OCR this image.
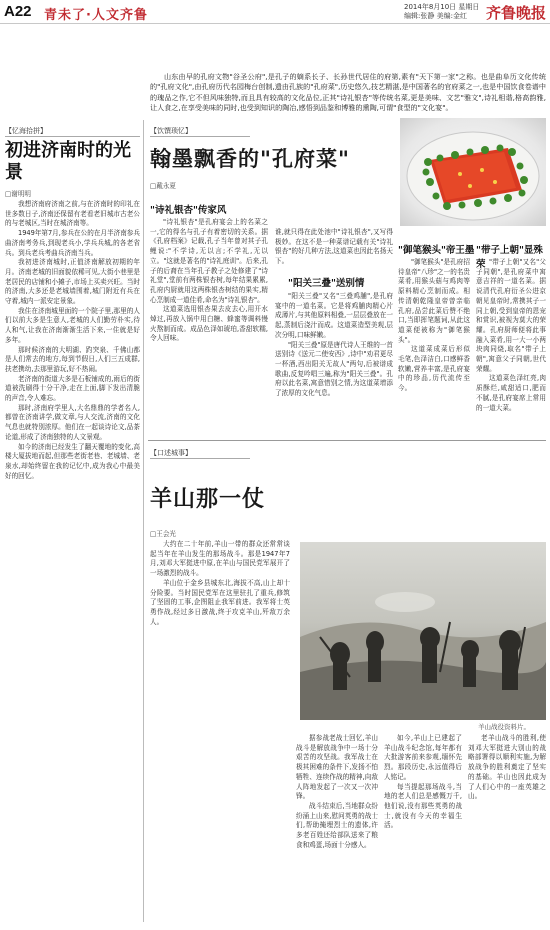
A22 青未了·人文齐鲁
2014年8月10日 星期日
编辑:张静 美编:金红	齐鲁晚报
山东由早的孔府文物"谷圣公府",是孔子的嫡系长子、长孙世代居住的府第,素有"天下第一家"之称。也是曲阜历文化传统的"孔府文化",由孔府历代名园梅台创制,遗由孔族的"孔府菜",历史悠久,技艺精湛,是中国著名的官府菜之一,也是中国饮食卷谱中的瑰品之作,它不但风味独特,而且具有较高的文化品位,正其"诗礼银杏"等传统名菜,更是美味、文艺"雅文",诗礼相谐,格高韵雅,让人食之,在享受美味的同时,也受到知识的陶冶,感悟到品鉴和博雅的熏陶,可谓"食型的"文化宴"。
【忆海拾拼】
初进济南时的光景
□谢明明

我想济南府济南之前,与在济南时的印礼在世多数日子,济南还保留有老看老旧城市古老公的与老城区,当时在城济南等。

1949年第7月,参兵在公的在月半济南参兵曲济南考务兵,到现老兵小,学兵兵城,的各老省兵。到兵老兵考曲兵济南当兵。

我初进济南城时,正值济南解放初期的年月。济南老城的旧面貌依稀可见,大街小巷里是老居民的店铺和小摊子,市场上买卖兴旺。当时的济南,大多还是老城墙围着,城门附近有兵在守着,城内一派安定景象。

我住在济南城里面的一个院子里,那里的人们以前大多是生意人,老城的人们勤劳朴实,待人和气,让我在济南渐渐生活下来,一住就是好多年。

那时候济南的大明湖、趵突泉、千佛山都是人们常去的地方,每到节假日,人们三五成群,扶老携幼,去那里游玩,好不热闹。

老济南的街道大多是石板铺成的,雨后的街道被洗刷得十分干净,走在上面,脚下发出清脆的声音,令人难忘。

那时,济南府学里人,大名鼎鼎的学者名人,都曾在济南讲学,做文章,与人交流,济南的文化气息也就特别浓厚。他们在一起谈诗论文,品茶论道,形成了济南独特的人文景观。

如今的济南已经发生了翻天覆地的变化,高楼大厦拔地而起,但那些老街老巷、老城墙、老泉水,却始终留在我的记忆中,成为我心中最美好的回忆。

【饮馔琐忆】
翰墨飘香的"孔府菜"
□戴永夏
"诗礼银杏"传家风

"诗礼银杏"是孔府宴会上的名菜之一,它的得名与孔子有着密切的关系。据《孔府档案》记载,孔子当年曾对其子孔鲤说:"不学诗,无以言;不学礼,无以立。"这就是著名的"诗礼庭训"。后来,孔子的后裔在当年孔子教子之处修建了"诗礼堂",堂前有两株银杏树,每年结果累累,孔府内厨就用这两株银杏树结的果实,精心烹制成一道佳肴,命名为"诗礼银杏"。

这道菜选用银杏果去皮去心,用开水焯过,再放入锅中用白糖、蜂蜜等调料慢火熬制而成。成品色泽如琥珀,香甜软糯,令人回味。

谁,就只得在此处池中"诗礼银杏",又写得极妙。在这不是一种菜谱记载有关"诗礼银杏"的好几种方法,这道菜也因此名扬天下。
"阳关三叠"送别情

"阳关三叠"又名"三叠鸡脯",是孔府宴中的一道名菜。它是将鸡脯肉精心片成薄片,与其他原料相叠,一层层叠放在一起,蒸制后浇汁而成。这道菜造型美观,层次分明,口味鲜嫩。

"阳关三叠"原是唐代诗人王维的一首送别诗《送元二使安西》,诗中"劝君更尽一杯酒,西出阳关无故人"两句,后被谱成歌曲,反复吟唱三遍,称为"阳关三叠"。孔府以此名菜,寓意惜别之情,为这道菜增添了浓厚的文化气息。

"御笔猴头"帝王墨

"御笔猴头"是孔府招待皇帝"八珍"之一的名贵菜肴,用猴头菇与鸡肉等原料精心烹制而成。相传清朝乾隆皇帝曾亲临孔府,品尝此菜后赞不绝口,当即挥笔题词,从此这道菜便被称为"御笔猴头"。

这道菜成菜后形似毛笔,色泽洁白,口感鲜香软嫩,营养丰富,是孔府宴中的珍品,历代流传至今。

"带子上朝"显殊荣 "带子上朝"又名"父子同朝",是孔府菜中寓意吉祥的一道名菜。据说清代孔府衍圣公进京朝见皇帝时,常携其子一同上朝,受到皇帝的恩宠和赏识,被视为莫大的荣耀。孔府厨师便将此事融入菜肴,用一大一小两块肉同烧,取名"带子上朝",寓意父子同朝,世代荣耀。

这道菜色泽红亮,肉质酥烂,咸甜适口,肥而不腻,是孔府宴席上常用的一道大菜。

【口述城事】
羊山那一仗
□王会光
羊山战役资料片。

大约在二十年前,羊山一带的群众还常常谈起当年在羊山发生的那场战斗。那是1947年7月,刘邓大军挺进中原,在羊山与国民党军展开了一场激烈的战斗。

羊山位于金乡县城东北,海拔不高,山上却十分险要。当时国民党军在这里驻扎了重兵,修筑了坚固的工事,企图阻止我军前进。我军将士英勇作战,经过多日激战,终于攻克羊山,歼敌万余人。

据参战老战士回忆,羊山战斗是解放战争中一场十分艰苦的攻坚战。我军战士在极其困难的条件下,发扬不怕牺牲、连续作战的精神,向敌人阵地发起了一次又一次冲锋。

战斗结束后,当地群众纷纷涌上山来,慰问英勇的战士们,帮助掩埋烈士的遗体,许多老百姓还给部队送来了粮食和鸡蛋,场面十分感人。

如今,羊山上已建起了羊山战斗纪念馆,每年都有大批游客前来参观,缅怀先烈。那段历史,永远值得后人铭记。

每当提起那场战斗,当地的老人们总是感慨万千,他们说,没有那些英勇的战士,就没有今天的幸福生活。

老羊山战斗的胜利,使刘邓大军挺进大别山的战略部署得以顺利实施,为解放战争的胜利奠定了坚实的基础。羊山也因此成为了人们心中的一座英雄之山。
